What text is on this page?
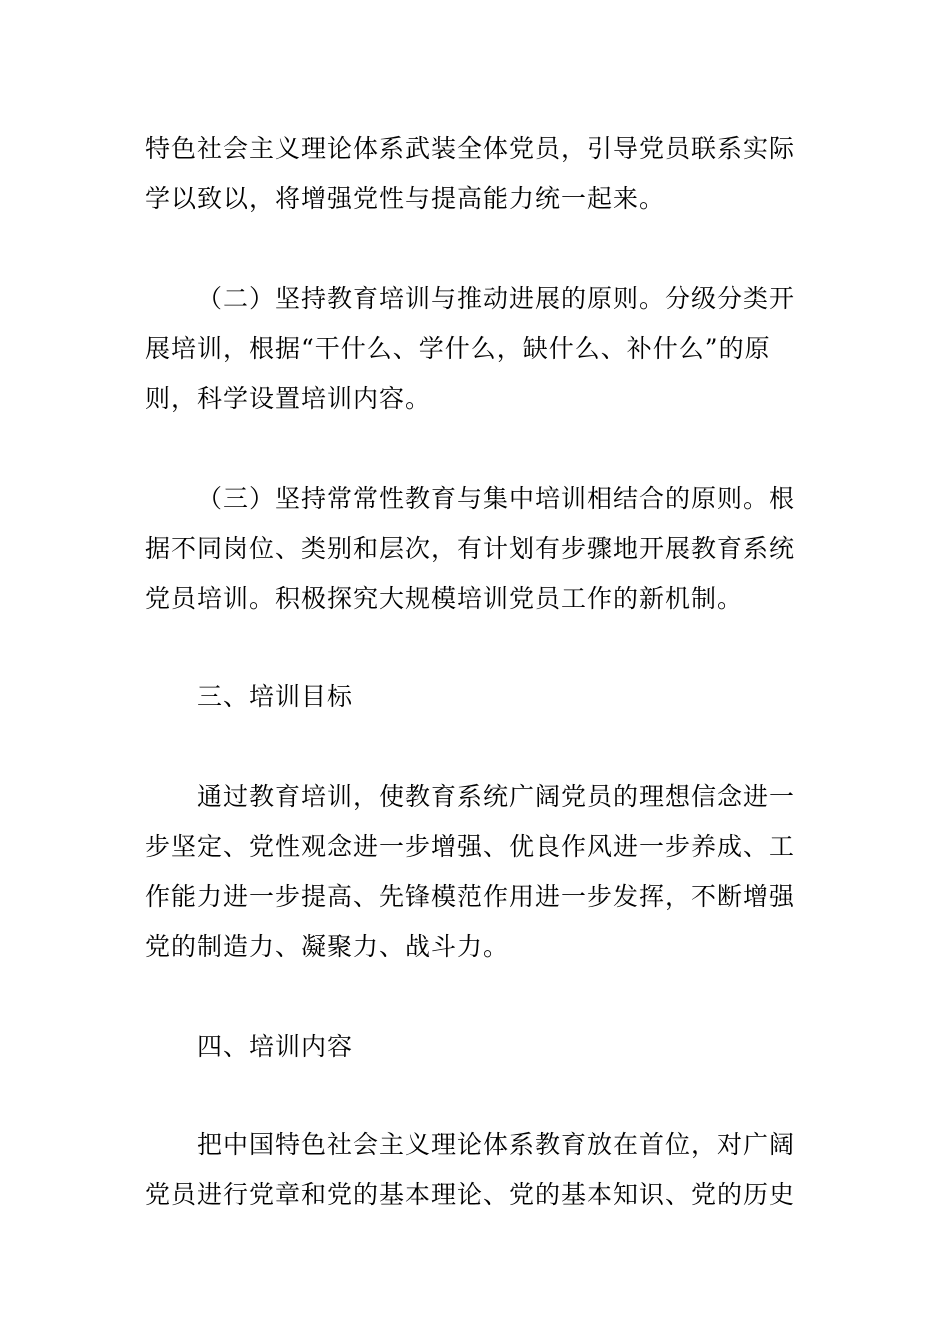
特色社会主义理论体系武装全体党员，引导党员联系实际
学以致以，将增强党性与提高能力统一起来。
（二）坚持教育培训与推动进展的原则。分级分类开
展培训，根据“干什么、学什么，缺什么、补什么”的原
则，科学设置培训内容。
（三）坚持常常性教育与集中培训相结合的原则。根
据不同岗位、类别和层次，有计划有步骤地开展教育系统
党员培训。积极探究大规模培训党员工作的新机制。
三、培训目标
通过教育培训，使教育系统广阔党员的理想信念进一
步坚定、党性观念进一步增强、优良作风进一步养成、工
作能力进一步提高、先锋模范作用进一步发挥，不断增强
党的制造力、凝聚力、战斗力。
四、培训内容
把中国特色社会主义理论体系教育放在首位，对广阔
党员进行党章和党的基本理论、党的基本知识、党的历史
